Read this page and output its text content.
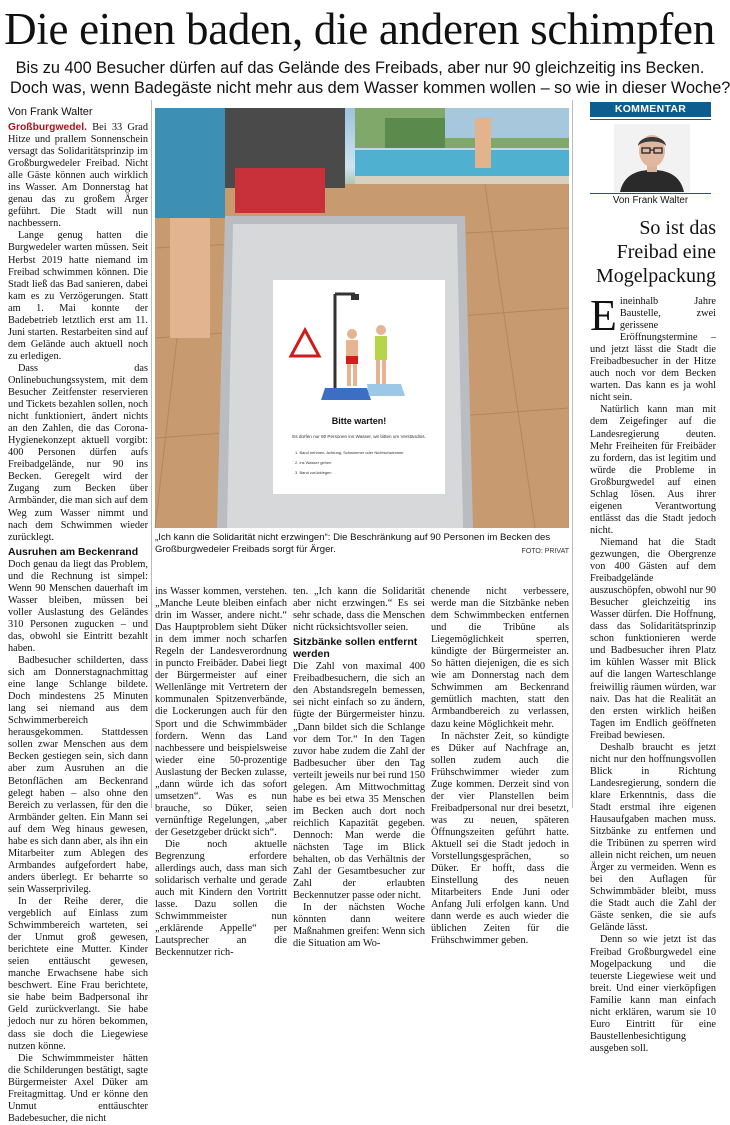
Die einen baden, die anderen schimpfen
Bis zu 400 Besucher dürfen auf das Gelände des Freibads, aber nur 90 gleichzeitig ins Becken.
Doch was, wenn Badegäste nicht mehr aus dem Wasser kommen wollen – so wie in dieser Woche?
Von Frank Walter

Großburgwedel. Bei 33 Grad Hitze und prallem Sonnenschein versagt das Solidaritätsprinzip im Großburgwedeler Freibad. Nicht alle Gäste können auch wirklich ins Wasser. Am Donnerstag hat genau das zu großem Ärger geführt. Die Stadt will nun nachbessern.

Lange genug hatten die Burgwedeler warten müssen. Seit Herbst 2019 hatte niemand im Freibad schwimmen können. Die Stadt ließ das Bad sanieren, dabei kam es zu Verzögerungen. Statt am 1. Mai konnte der Badebetrieb letztlich erst am 11. Juni starten. Restarbeiten sind auf dem Gelände auch aktuell noch zu erledigen.

Dass das Onlinebuchungssystem, mit dem Besucher Zeitfenster reservieren und Tickets bezahlen sollen, noch nicht funktioniert, ändert nichts an den Zahlen, die das Corona-Hygienekonzept aktuell vorgibt: 400 Personen dürfen aufs Freibadgelände, nur 90 ins Becken. Geregelt wird der Zugang zum Becken über Armbänder, die man sich auf dem Weg zum Wasser nimmt und nach dem Schwimmen wieder zurücklegt.

Ausruhen am Beckenrand

Doch genau da liegt das Problem, und die Rechnung ist simpel: Wenn 90 Menschen dauerhaft im Wasser bleiben, müssen bei voller Auslastung des Geländes 310 Personen zugucken – und das, obwohl sie Eintritt bezahlt haben.

Badbesucher schilderten, dass sich am Donnerstagnachmittag eine lange Schlange bildete. Doch mindestens 25 Minuten lang sei niemand aus dem Schwimmerbereich herausgekommen. Stattdessen sollen zwar Menschen aus dem Becken gestiegen sein, sich dann aber zum Ausruhen an die Betonflächen am Beckenrand gelegt haben – also ohne den Bereich zu verlassen, für den die Armbänder gelten. Ein Mann sei auf dem Weg hinaus gewesen, habe es sich dann aber, als ihn ein Mitarbeiter zum Ablegen des Armbandes aufgefordert habe, anders überlegt. Er beharrte so sein Wasserprivileg.

In der Reihe derer, die vergeblich auf Einlass zum Schwimmbereich warteten, sei der Unmut groß gewesen, berichtete eine Mutter. Kinder seien enttäuscht gewesen, manche Erwachsene habe sich beschwert. Eine Frau berichtete, sie habe beim Badpersonal ihr Geld zurückverlangt. Sie habe jedoch nur zu hören bekommen, dass sie doch die Liegewiese nutzen könne.

Die Schwimmmeister hätten die Schilderungen bestätigt, sagte Bürgermeister Axel Düker am Freitagmittag. Und er könne den Unmut enttäuschter Badebesucher, die nicht

Bitte warten!
Es dürfen nur 90 Personen ins Wasser, wir bitten um Verständnis.
1. Band nehmen, Achtung, Schwimmer oder Nichtschwimmer
2. ins Wasser gehen
3. Band zurücklegen
„Ich kann die Solidarität nicht erzwingen“: Die Beschränkung auf 90 Personen im Becken des Großburgwedeler Freibads sorgt für Ärger.	FOTO: PRIVAT

ins Wasser kommen, verstehen. „Manche Leute bleiben einfach drin im Wasser, andere nicht.“ Das Hauptproblem sieht Düker in dem immer noch scharfen Regeln der Landesverordnung in puncto Freibäder. Dabei liegt der Bürgermeister auf einer Wellenlänge mit Vertretern der kommunalen Spitzenverbände, die Lockerungen auch für den Sport und die Schwimmbäder fordern. Wenn das Land nachbessere und beispielsweise wieder eine 50-prozentige Auslastung der Becken zulasse, „dann würde ich das sofort umsetzen“. Was es nun brauche, so Düker, seien vernünftige Regelungen, „aber der Gesetzgeber drückt sich“.

Die noch aktuelle Begrenzung erfordere allerdings auch, dass man sich solidarisch verhalte und gerade auch mit Kindern den Vortritt lasse. Dazu sollen die Schwimmmeister nun „erklärende Appelle“ per Lautsprecher an die Beckennutzer rich-

ten. „Ich kann die Solidarität aber nicht erzwingen.“ Es sei sehr schade, dass die Menschen nicht rücksichtsvoller seien.

Sitzbänke sollen entfernt werden

Die Zahl von maximal 400 Freibadbesuchern, die sich an den Abstandsregeln bemessen, sei nicht einfach so zu ändern, fügte der Bürgermeister hinzu. „Dann bildet sich die Schlange vor dem Tor.“ In den Tagen zuvor habe zudem die Zahl der Badbesucher über den Tag verteilt jeweils nur bei rund 150 gelegen. Am Mittwochmittag habe es bei etwa 35 Menschen im Becken auch dort noch reichlich Kapazität gegeben. Dennoch: Man werde die nächsten Tage im Blick behalten, ob das Verhältnis der Zahl der Gesamtbesucher zur Zahl der erlaubten Beckennutzer passe oder nicht.

In der nächsten Woche könnten dann weitere Maßnahmen greifen: Wenn sich die Situation am Wo-

chenende nicht verbessere, werde man die Sitzbänke neben dem Schwimmbecken entfernen und die Tribüne als Liegemöglichkeit sperren, kündigte der Bürgermeister an. So hätten diejenigen, die es sich wie am Donnerstag nach dem Schwimmen am Beckenrand gemütlich machten, statt den Armbandbereich zu verlassen, dazu keine Möglichkeit mehr.

In nächster Zeit, so kündigte es Düker auf Nachfrage an, sollen zudem auch die Frühschwimmer wieder zum Zuge kommen. Derzeit sind von der vier Planstellen beim Freibadpersonal nur drei besetzt, was zu neuen, späteren Öffnungszeiten geführt hatte. Aktuell sei die Stadt jedoch in Vorstellungsgesprächen, so Düker. Er hofft, dass die Einstellung des neuen Mitarbeiters Ende Juni oder Anfang Juli erfolgen kann. Und dann werde es auch wieder die üblichen Zeiten für die Frühschwimmer geben.

KOMMENTAR
Von Frank Walter
So ist das Freibad eine Mogelpackung

Eineinhalb Jahre Baustelle, zwei gerissene Eröffnungstermine – und jetzt lässt die Stadt die Freibadbesucher in der Hitze auch noch vor dem Becken warten. Das kann es ja wohl nicht sein.

Natürlich kann man mit dem Zeigefinger auf die Landesregierung deuten. Mehr Freiheiten für Freibäder zu fordern, das ist legitim und würde die Probleme in Großburgwedel auf einen Schlag lösen. Aus ihrer eigenen Verantwortung entlässt das die Stadt jedoch nicht.

Niemand hat die Stadt gezwungen, die Obergrenze von 400 Gästen auf dem Freibadgelände auszuschöpfen, obwohl nur 90 Besucher gleichzeitig ins Wasser dürfen. Die Hoffnung, dass das Solidaritätsprinzip schon funktionieren werde und Badbesucher ihren Platz im kühlen Wasser mit Blick auf die langen Warteschlange freiwillig räumen würden, war naiv. Das hat die Realität an den ersten wirklich heißen Tagen im Endlich geöffneten Freibad bewiesen.

Deshalb braucht es jetzt nicht nur den hoffnungsvollen Blick in Richtung Landesregierung, sondern die klare Erkenntnis, dass die Stadt erstmal ihre eigenen Hausaufgaben machen muss. Sitzbänke zu entfernen und die Tribünen zu sperren wird allein nicht reichen, um neuen Ärger zu vermeiden. Wenn es bei den Auflagen für Schwimmbäder bleibt, muss die Stadt auch die Zahl der Gäste senken, die sie aufs Gelände lässt.

Denn so wie jetzt ist das Freibad Großburgwedel eine Mogelpackung und die teuerste Liegewiese weit und breit. Und einer vierköpfigen Familie kann man einfach nicht erklären, warum sie 10 Euro Eintritt für eine Baustellenbesichtigung ausgeben soll.
